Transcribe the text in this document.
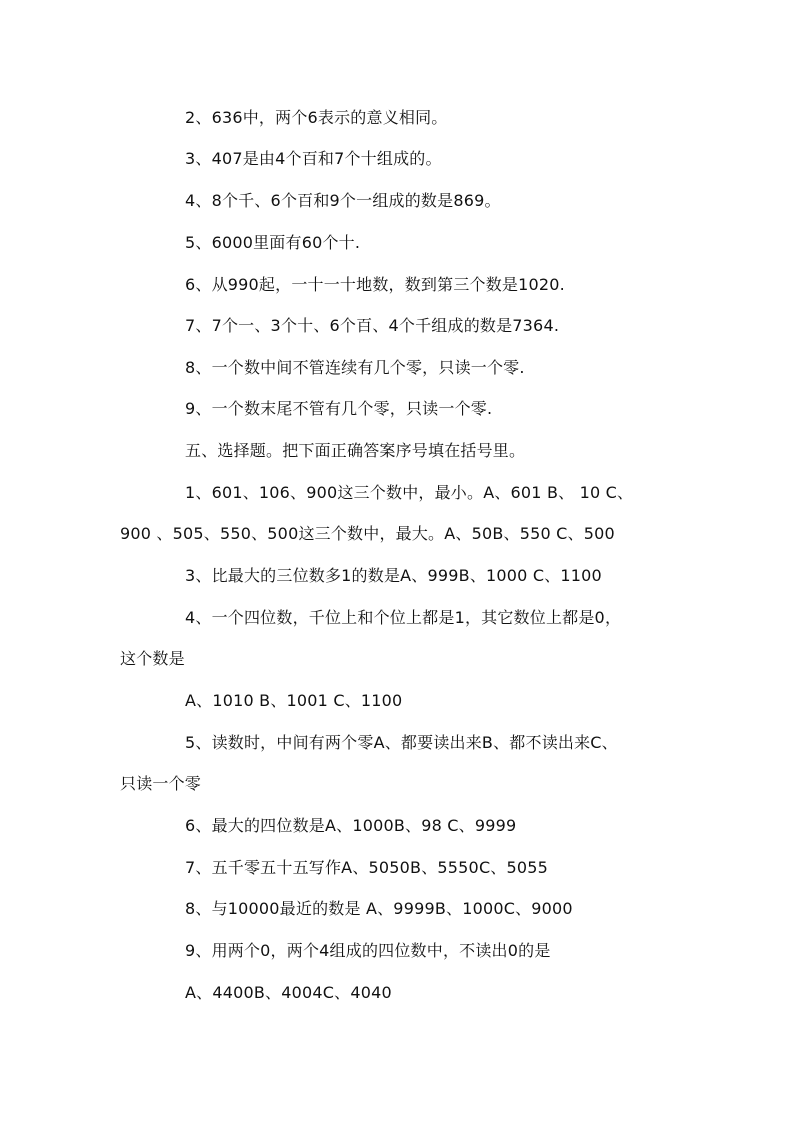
2、636中，两个6表示的意义相同。
3、407是由4个百和7个十组成的。
4、8个千、6个百和9个一组成的数是869。
5、6000里面有60个十.
6、从990起，一十一十地数，数到第三个数是1020.
7、7个一、3个十、6个百、4个千组成的数是7364.
8、一个数中间不管连续有几个零，只读一个零.
9、一个数末尾不管有几个零，只读一个零.
五、选择题。把下面正确答案序号填在括号里。
1、601、106、900这三个数中，最小。A、601 B、 10 C、
900 、505、550、500这三个数中，最大。A、50B、550 C、500
3、比最大的三位数多1的数是A、999B、1000 C、1100
4、一个四位数，千位上和个位上都是1，其它数位上都是0，
这个数是
A、1010 B、1001 C、1100
5、读数时，中间有两个零A、都要读出来B、都不读出来C、
只读一个零
6、最大的四位数是A、1000B、98 C、9999
7、五千零五十五写作A、5050B、5550C、5055
8、与10000最近的数是 A、9999B、1000C、9000
9、用两个0，两个4组成的四位数中，不读出0的是
A、4400B、4004C、4040
